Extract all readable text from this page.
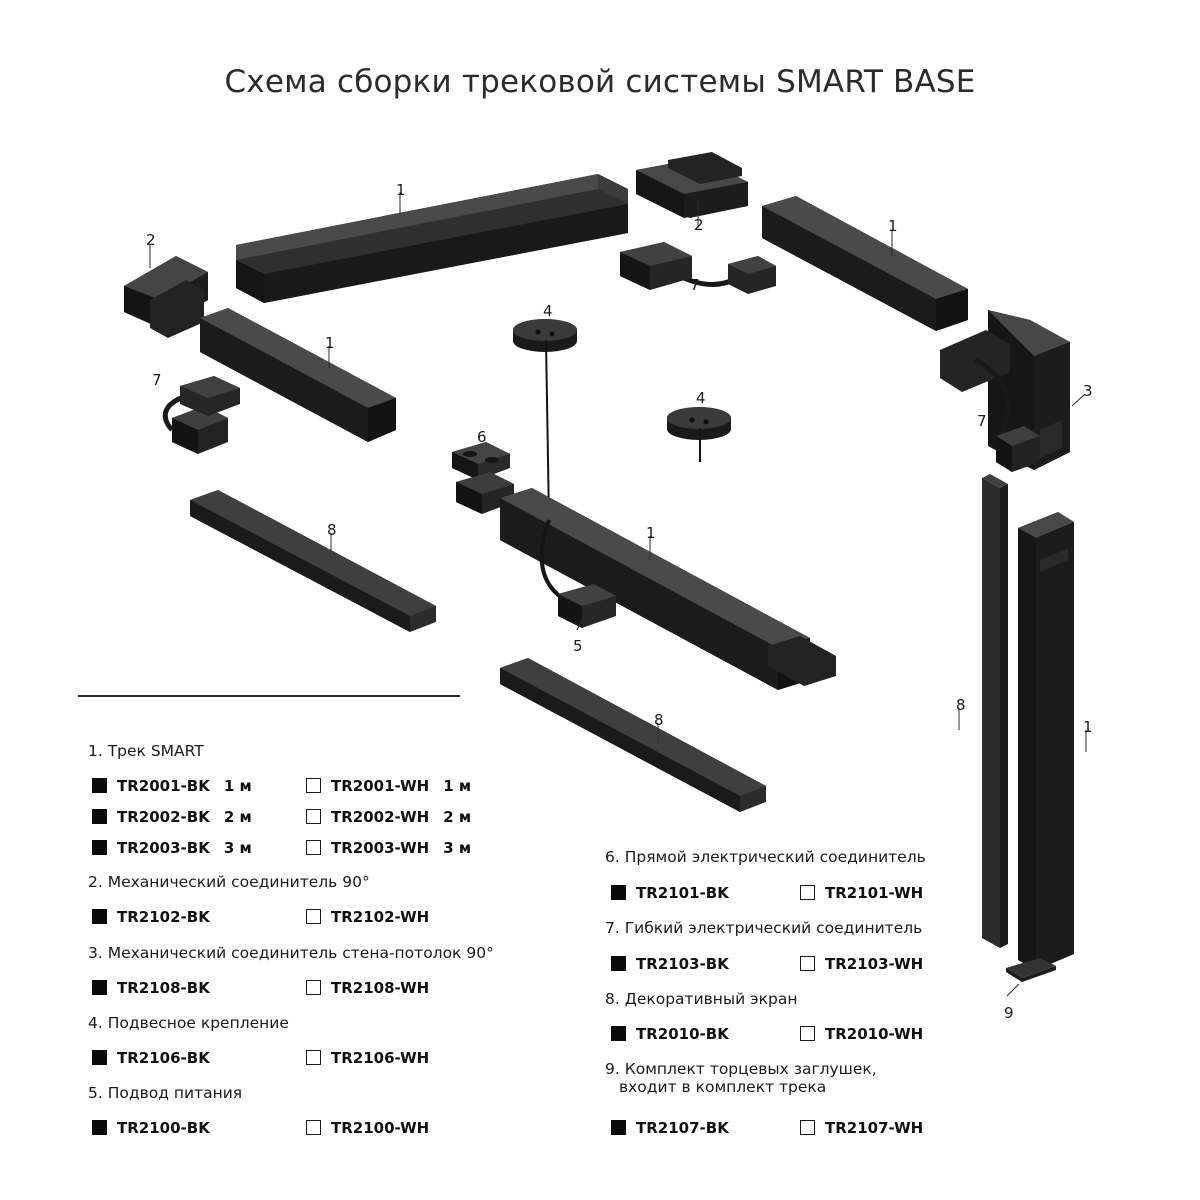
Схема сборки трековой системы SMART BASE
1
2
2	1
7
4
1
7
3
4
7
6
8	1
5
8
1
8
9
1. Трек SMART
TR2001-BK 1 м	TR2001-WH 1 м
TR2002-BK 2 м	TR2002-WH 2 м
TR2003-BK 3 м	TR2003-WH 3 м
2. Механический соединитель 90°
TR2102-BK	TR2102-WH
3. Механический соединитель стена-потолок 90°
TR2108-BK	TR2108-WH
4. Подвесное крепление
TR2106-BK	TR2106-WH
5. Подвод питания
TR2100-BK	TR2100-WH
6. Прямой электрический соединитель
TR2101-BK	TR2101-WH
7. Гибкий электрический соединитель
TR2103-BK	TR2103-WH
8. Декоративный экран
TR2010-BK	TR2010-WH
9. Комплект торцевых заглушек,
входит в комплект трека
TR2107-BK	TR2107-WH
